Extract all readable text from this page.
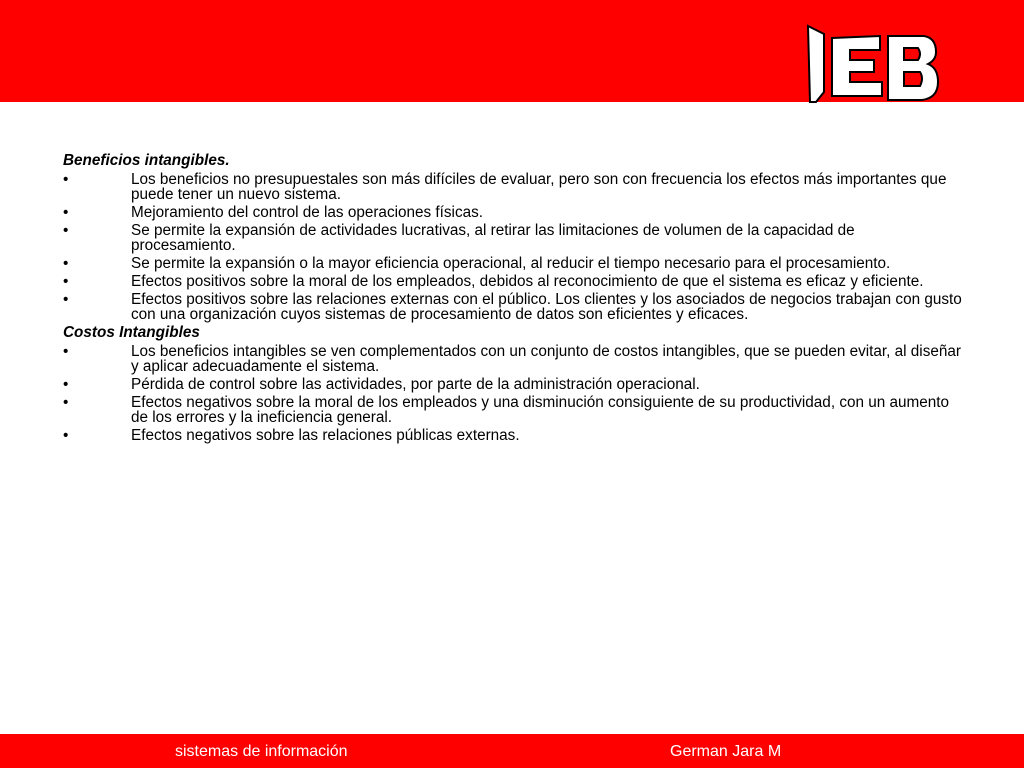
Beneficios intangibles.
•	Los beneficios no presupuestales son más difíciles de evaluar, pero son con frecuencia los efectos más importantes que puede tener un nuevo sistema.
•	Mejoramiento del control de las operaciones físicas.
•	Se permite la expansión de actividades lucrativas, al retirar las limitaciones de volumen de la capacidad de procesamiento.
•	Se permite la expansión o la mayor eficiencia operacional, al reducir el tiempo necesario para el procesamiento.
•	Efectos positivos sobre la moral de los empleados, debidos al reconocimiento de que el sistema es eficaz y eficiente.
•	Efectos positivos sobre las relaciones externas con el público. Los clientes y los asociados de negocios trabajan con gusto con una organización cuyos sistemas de procesamiento de datos son eficientes y eficaces.
Costos Intangibles
•	Los beneficios intangibles se ven complementados con un conjunto de costos intangibles, que se pueden evitar, al diseñar y aplicar adecuadamente el sistema.
•	Pérdida de control sobre las actividades, por parte de la administración operacional.
•	Efectos negativos sobre la moral de los empleados y una disminución consiguiente de su productividad, con un aumento de los errores y la ineficiencia general.
•	Efectos negativos sobre las relaciones públicas externas.
sistemas de información	German Jara M
